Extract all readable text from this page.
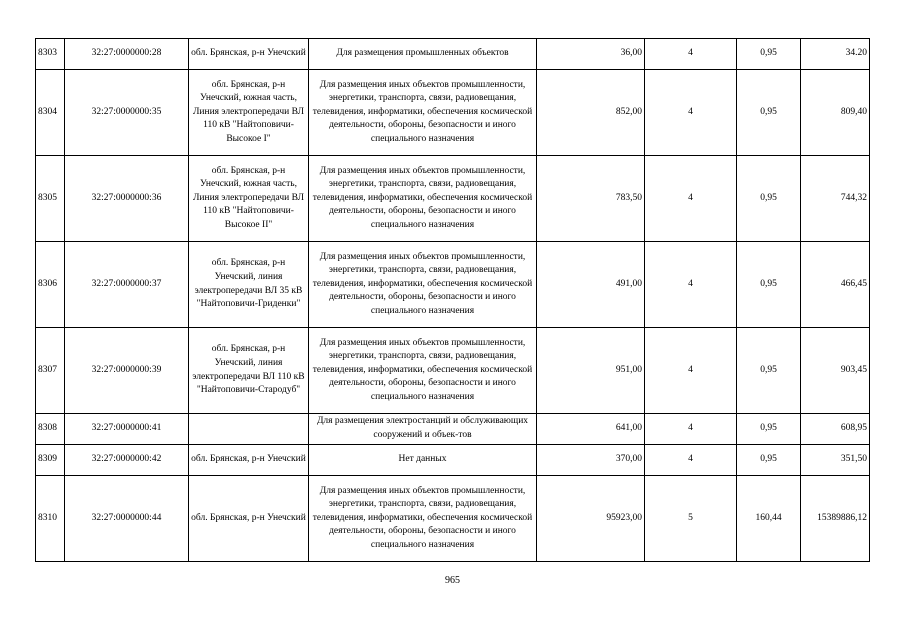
8303	32:27:0000000:28	обл. Брянская, р-н Унечский	Для размещения промышленных объектов	36,00	4	0,95	34.20
8304	32:27:0000000:35	обл. Брянская, р-н Унечский, южная часть, Линия электропередачи ВЛ 110 кВ "Найтоповичи-Высокое I"	Для размещения иных объектов промышленности, энергетики, транспорта, связи, радиовещания, телевидения, информатики, обеспечения космической деятельности, обороны, безопасности и иного специального назначения	852,00	4	0,95	809,40
8305	32:27:0000000:36	обл. Брянская, р-н Унечский, южная часть, Линия электропередачи ВЛ 110 кВ "Найтоповичи-Высокое II"	Для размещения иных объектов промышленности, энергетики, транспорта, связи, радиовещания, телевидения, информатики, обеспечения космической деятельности, обороны, безопасности и иного специального назначения	783,50	4	0,95	744,32
8306	32:27:0000000:37	обл. Брянская, р-н Унечский, линия электропередачи ВЛ 35 кВ "Найтоповичи-Гриденки"	Для размещения иных объектов промышленности, энергетики, транспорта, связи, радиовещания, телевидения, информатики, обеспечения космической деятельности, обороны, безопасности и иного специального назначения	491,00	4	0,95	466,45
8307	32:27:0000000:39	обл. Брянская, р-н Унечский, линия электропередачи ВЛ 110 кВ "Найтоповичи-Стародуб"	Для размещения иных объектов промышленности, энергетики, транспорта, связи, радиовещания, телевидения, информатики, обеспечения космической деятельности, обороны, безопасности и иного специального назначения	951,00	4	0,95	903,45
8308	32:27:0000000:41		Для размещения электростанций и обслуживающих сооружений и объек-тов	641,00	4	0,95	608,95
8309	32:27:0000000:42	обл. Брянская, р-н Унечский	Нет данных	370,00	4	0,95	351,50
8310	32:27:0000000:44	обл. Брянская, р-н Унечский	Для размещения иных объектов промышленности, энергетики, транспорта, связи, радиовещания, телевидения, информатики, обеспечения космической деятельности, обороны, безопасности и иного специального назначения	95923,00	5	160,44	15389886,12
965
